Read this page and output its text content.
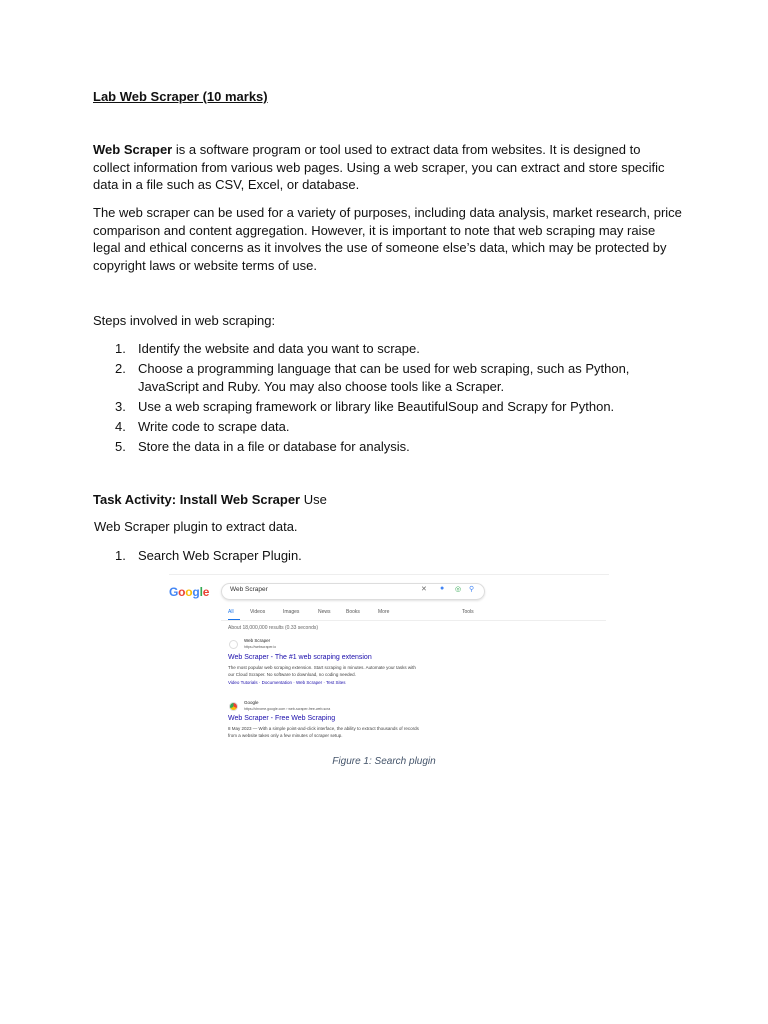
Lab Web Scraper (10 marks)
Web Scraper is a software program or tool used to extract data from websites. It is designed to
collect information from various web pages. Using a web scraper, you can extract and store specific
data in a file such as CSV, Excel, or database.
The web scraper can be used for a variety of purposes, including data analysis, market research, price
comparison and content aggregation. However, it is important to note that web scraping may raise
legal and ethical concerns as it involves the use of someone else’s data, which may be protected by
copyright laws or website terms of use.
Steps involved in web scraping:
1. Identify the website and data you want to scrape.
2. Choose a programming language that can be used for web scraping, such as Python,
JavaScript and Ruby. You may also choose tools like a Scraper.
3. Use a web scraping framework or library like BeautifulSoup and Scrapy for Python.
4. Write code to scrape data.
5. Store the data in a file or database for analysis.
Task Activity: Install Web Scraper Use
Web Scraper plugin to extract data.
1. Search Web Scraper Plugin.
Google	Web Scraper	✕ ● ◎ ⚲
All	Videos	Images	News	Books	More	Tools
About 18,000,000 results (0.33 seconds)
Web Scraper
https://webscraper.io
Web Scraper - The #1 web scraping extension
The most popular web scraping extension. Start scraping in minutes. Automate your tasks with
our Cloud Scraper. No software to download, no coding needed.
Video Tutorials · Documentation · Web Scraper · Test Sites
Google
https://chrome.google.com › web-scraper-free-web-scra
Web Scraper - Free Web Scraping
8 May 2023 — With a simple point-and-click interface, the ability to extract thousands of records
from a website takes only a few minutes of scraper setup.
Figure 1: Search plugin
